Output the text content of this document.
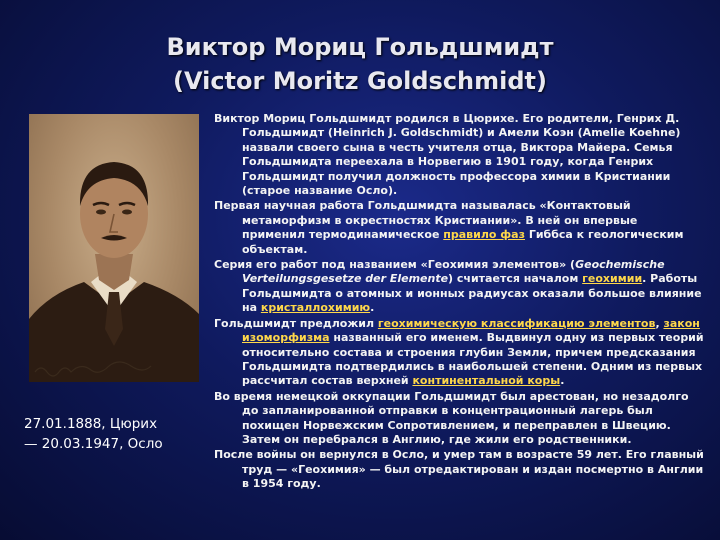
Виктор Мориц Гольдшмидт
(Victor Moritz Goldschmidt)
27.01.1888, Цюрих
— 20.03.1947, Осло

Виктор Мориц Гольдшмидт родился в Цюрихе. Его родители, Генрих Д. Гольдшмидт (Heinrich J. Goldschmidt) и Амели Коэн (Amelie Koehne) назвали своего сына в честь учителя отца, Виктора Майера. Семья Гольдшмидта переехала в Норвегию в 1901 году, когда Генрих Гольдшмидт получил должность профессора химии в Кристиании (старое название Осло).

Первая научная работа Гольдшмидта называлась «Контактовый метаморфизм в окрестностях Кристиании». В ней он впервые применил термодинамическое правило фаз Гиббса к геологическим объектам.

Серия его работ под названием «Геохимия элементов» (Geochemische Verteilungsgesetze der Elemente) считается началом геохимии. Работы Гольдшмидта о атомных и ионных радиусах оказали большое влияние на кристаллохимию.

Гольдшмидт предложил геохимическую классификацию элементов, закон изоморфизма названный его именем. Выдвинул одну из первых теорий относительно состава и строения глубин Земли, причем предсказания Гольдшмидта подтвердились в наибольшей степени. Одним из первых рассчитал состав верхней континентальной коры.

Во время немецкой оккупации Гольдшмидт был арестован, но незадолго до запланированной отправки в концентрационный лагерь был похищен Норвежским Сопротивлением, и переправлен в Швецию. Затем он перебрался в Англию, где жили его родственники.

После войны он вернулся в Осло, и умер там в возрасте 59 лет. Его главный труд — «Геохимия» — был отредактирован и издан посмертно в Англии в 1954 году.
